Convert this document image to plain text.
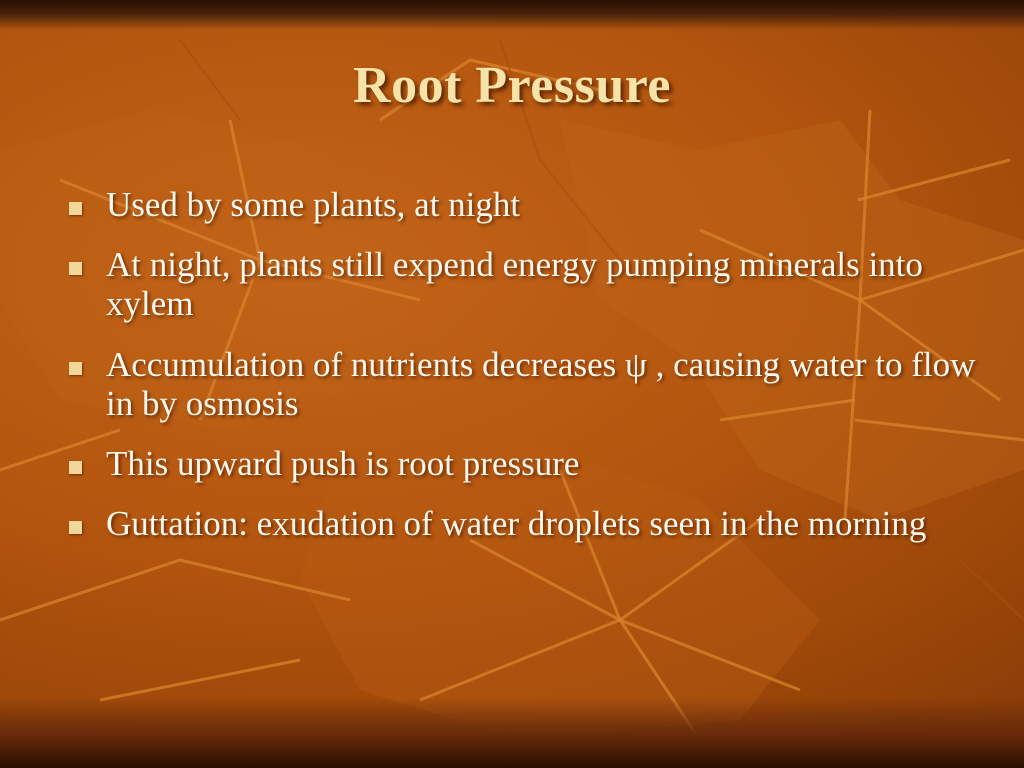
Root Pressure
Used by some plants, at night
At night, plants still expend energy pumping minerals into xylem
Accumulation of nutrients decreases ψ , causing water to flow in by osmosis
This upward push is root pressure
Guttation: exudation of water droplets seen in the morning
